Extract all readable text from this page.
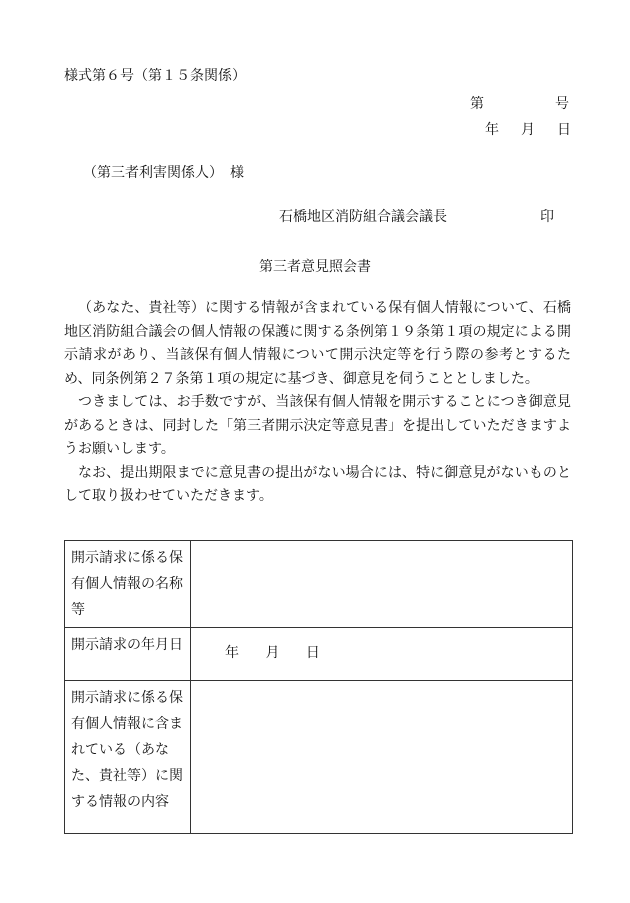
様式第６号（第１５条関係）
第	号
年 月 日
（第三者利害関係人）　様
石橋地区消防組合議会議長	印
第三者意見照会書

（あなた、貴社等）に関する情報が含まれている保有個人情報について、石橋地区消防組合議会の個人情報の保護に関する条例第１９条第１項の規定による開示請求があり、当該保有個人情報について開示決定等を行う際の参考とするため、同条例第２７条第１項の規定に基づき、御意見を伺うこととしました。

つきましては、お手数ですが、当該保有個人情報を開示することにつき御意見があるときは、同封した「第三者開示決定等意見書」を提出していただきますようお願いします。

なお、提出期限までに意見書の提出がない場合には、特に御意見がないものとして取り扱わせていただきます。

開示請求に係る保有個人情報の名称等	
開示請求の年月日	年 月 日

開示請求に係る保有個人情報に含まれている（あなた、貴社等）に関する情報の内容	
